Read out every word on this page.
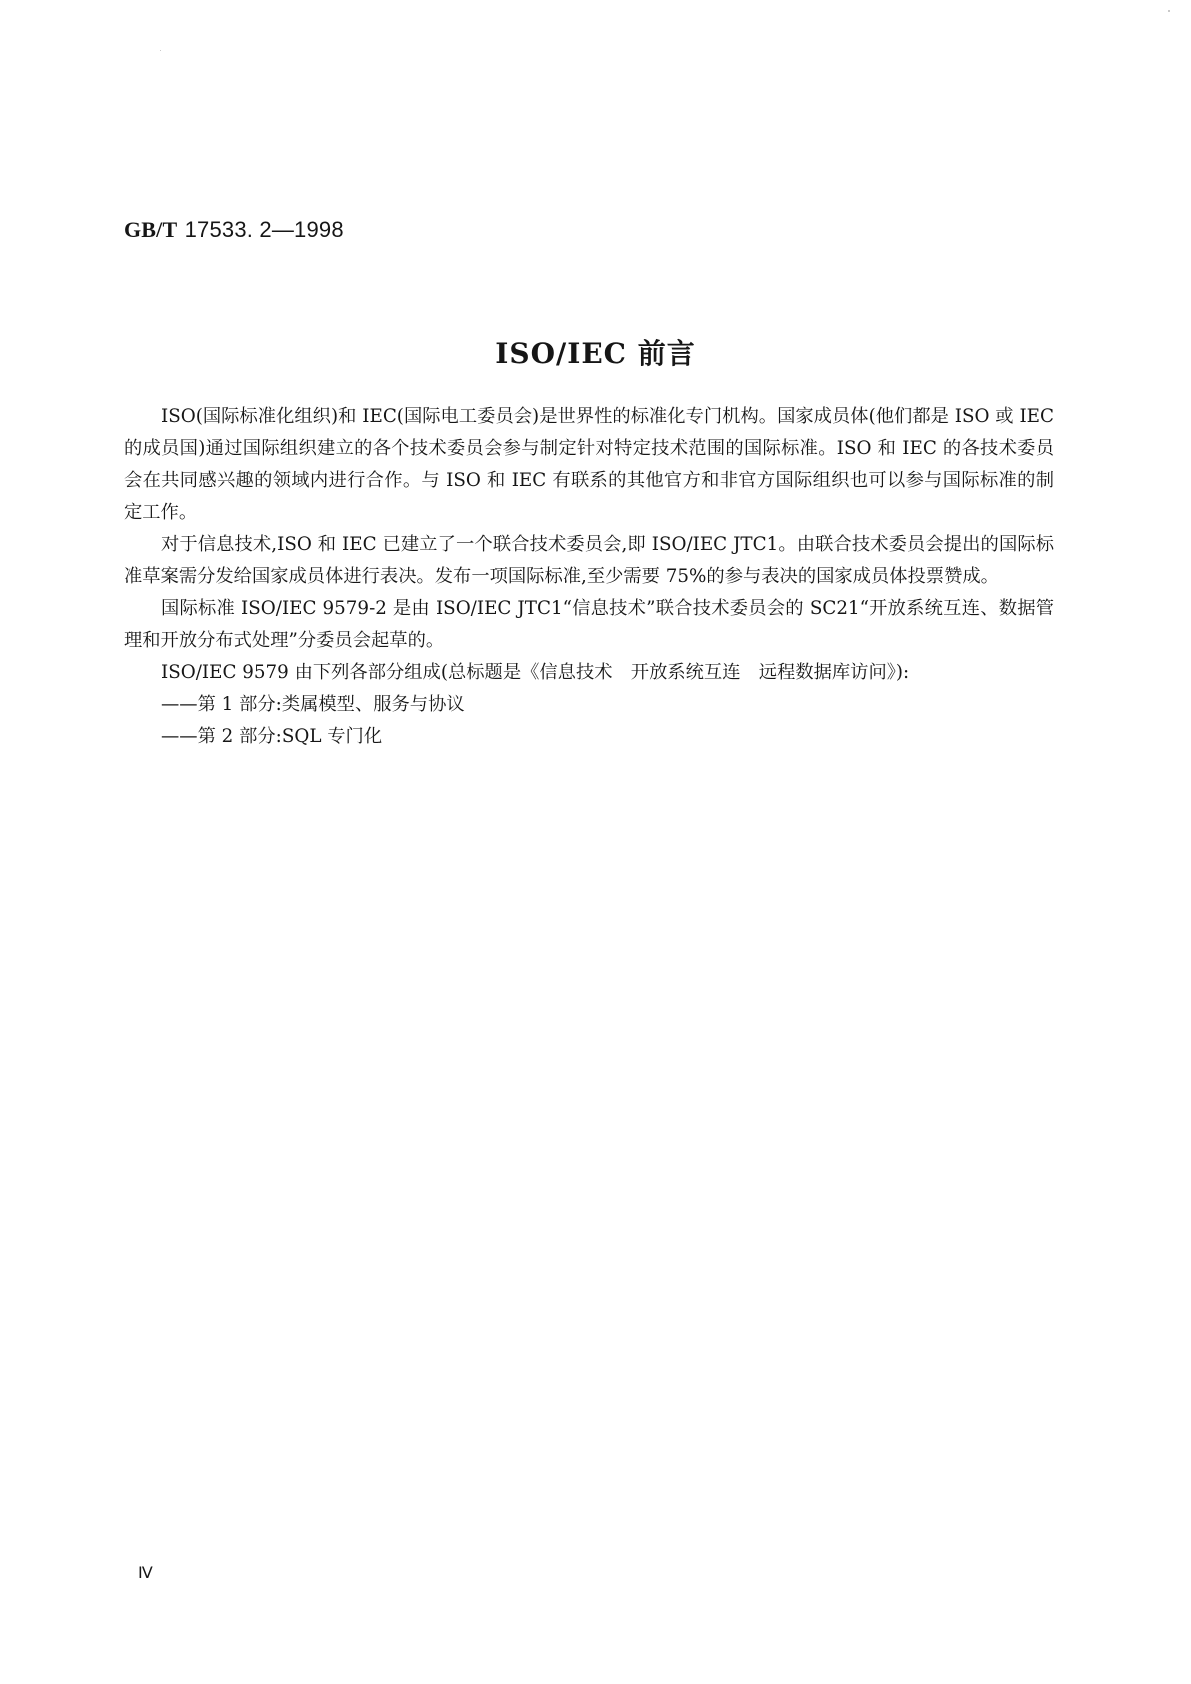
GB/T 17533. 2—1998
ISO/IEC 前言

ISO(国际标准化组织)和 IEC(国际电工委员会)是世界性的标准化专门机构。国家成员体(他们都是 ISO 或 IEC 的成员国)通过国际组织建立的各个技术委员会参与制定针对特定技术范围的国际标准。ISO 和 IEC 的各技术委员会在共同感兴趣的领域内进行合作。与 ISO 和 IEC 有联系的其他官方和非官方国际组织也可以参与国际标准的制定工作。

对于信息技术,ISO 和 IEC 已建立了一个联合技术委员会,即 ISO/IEC JTC1。由联合技术委员会提出的国际标准草案需分发给国家成员体进行表决。发布一项国际标准,至少需要 75%的参与表决的国家成员体投票赞成。

国际标准 ISO/IEC 9579-2 是由 ISO/IEC JTC1“信息技术”联合技术委员会的 SC21“开放系统互连、数据管理和开放分布式处理”分委员会起草的。

ISO/IEC 9579 由下列各部分组成(总标题是《信息技术　开放系统互连　远程数据库访问》):

——第 1 部分:类属模型、服务与协议
——第 2 部分:SQL 专门化
Ⅳ
